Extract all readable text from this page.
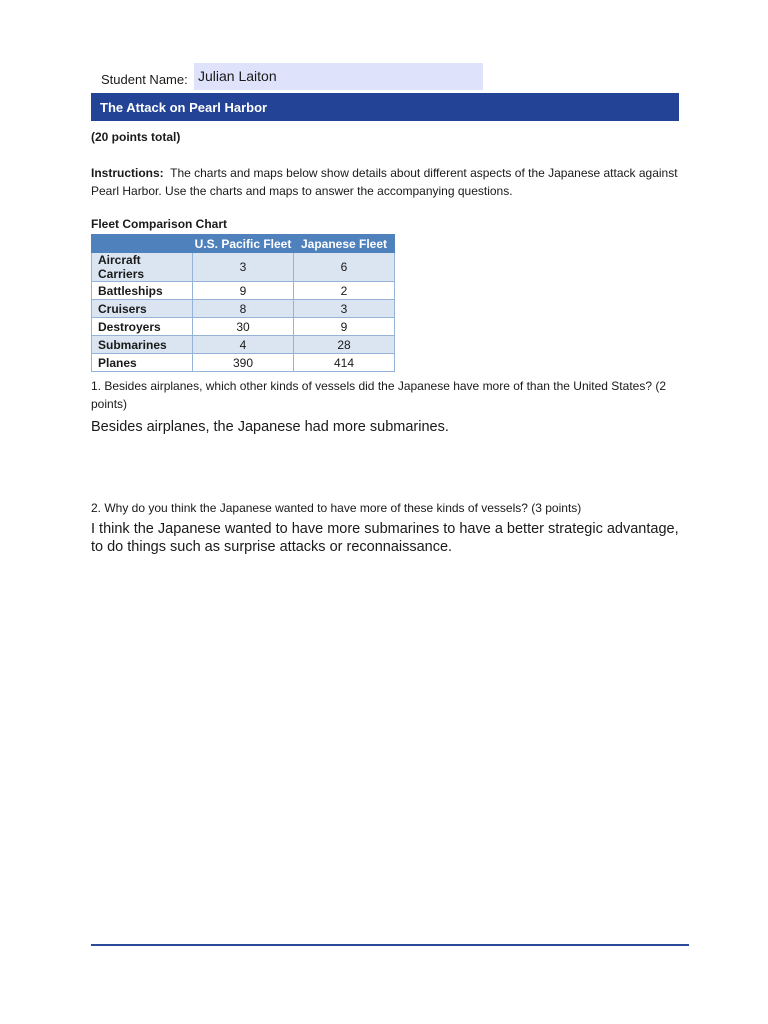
Student Name: Julian Laiton
The Attack on Pearl Harbor
(20 points total)
Instructions: The charts and maps below show details about different aspects of the Japanese attack against Pearl Harbor. Use the charts and maps to answer the accompanying questions.
Fleet Comparison Chart
	U.S. Pacific Fleet	Japanese Fleet
Aircraft Carriers	3	6
Battleships	9	2
Cruisers	8	3
Destroyers	30	9
Submarines	4	28
Planes	390	414
1. Besides airplanes, which other kinds of vessels did the Japanese have more of than the United States? (2 points)
Besides airplanes, the Japanese had more submarines.
2. Why do you think the Japanese wanted to have more of these kinds of vessels? (3 points)
I think the Japanese wanted to have more submarines to have a better strategic advantage, to do things such as surprise attacks or reconnaissance.
